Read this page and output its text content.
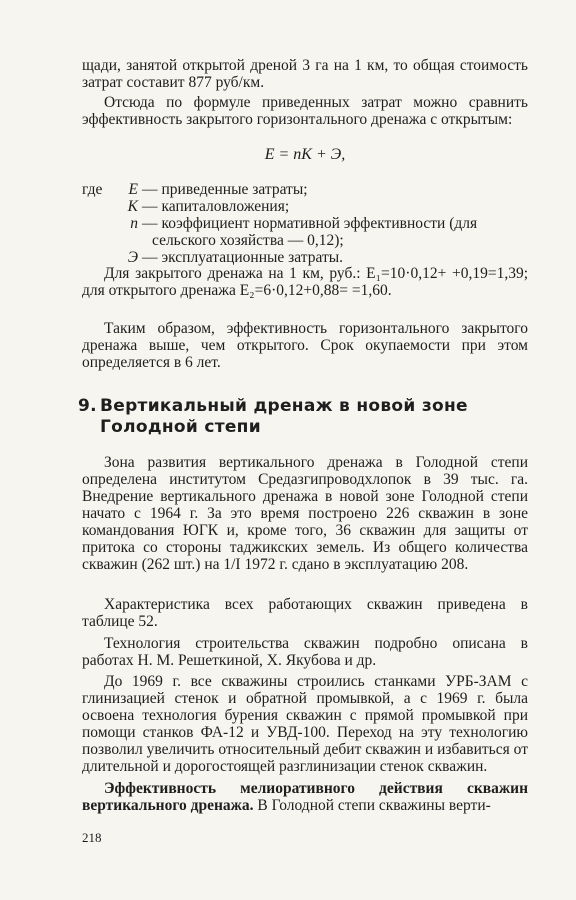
щади, занятой открытой дреной 3 га на 1 км, то общая стоимость затрат составит 877 руб/км.

Отсюда по формуле приведенных затрат можно сравнить эффективность закрытого горизонтального дренажа с открытым:

E = nK + Э,

где	E — приведенные затраты;
K — капиталовложения;
n — коэффициент нормативной эффективности (для
сельского хозяйства — 0,12);
Э — эксплуатационные затраты.

Для закрытого дренажа на 1 км, руб.: E₁=10·0,12+ +0,19=1,39; для открытого дренажа E₂=6·0,12+0,88= =1,60.

Таким образом, эффективность горизонтального закрытого дренажа выше, чем открытого. Срок окупаемости при этом определяется в 6 лет.

9. Вертикальный дренаж в новой зоне
Голодной степи

Зона развития вертикального дренажа в Голодной степи определена институтом Средазгипроводхлопок в 39 тыс. га. Внедрение вертикального дренажа в новой зоне Голодной степи начато с 1964 г. За это время построено 226 скважин в зоне командования ЮГК и, кроме того, 36 скважин для защиты от притока со стороны таджикских земель. Из общего количества скважин (262 шт.) на 1/I 1972 г. сдано в эксплуатацию 208.

Характеристика всех работающих скважин приведена в таблице 52.

Технология строительства скважин подробно описана в работах Н. М. Решеткиной, Х. Якубова и др.

До 1969 г. все скважины строились станками УРБ-ЗАМ с глинизацией стенок и обратной промывкой, а с 1969 г. была освоена технология бурения скважин с прямой промывкой при помощи станков ФА-12 и УВД-100. Переход на эту технологию позволил увеличить относительный дебит скважин и избавиться от длительной и дорогостоящей разглинизации стенок скважин.

Эффективность мелиоративного действия скважин вертикального дренажа. В Голодной степи скважины верти-

218
